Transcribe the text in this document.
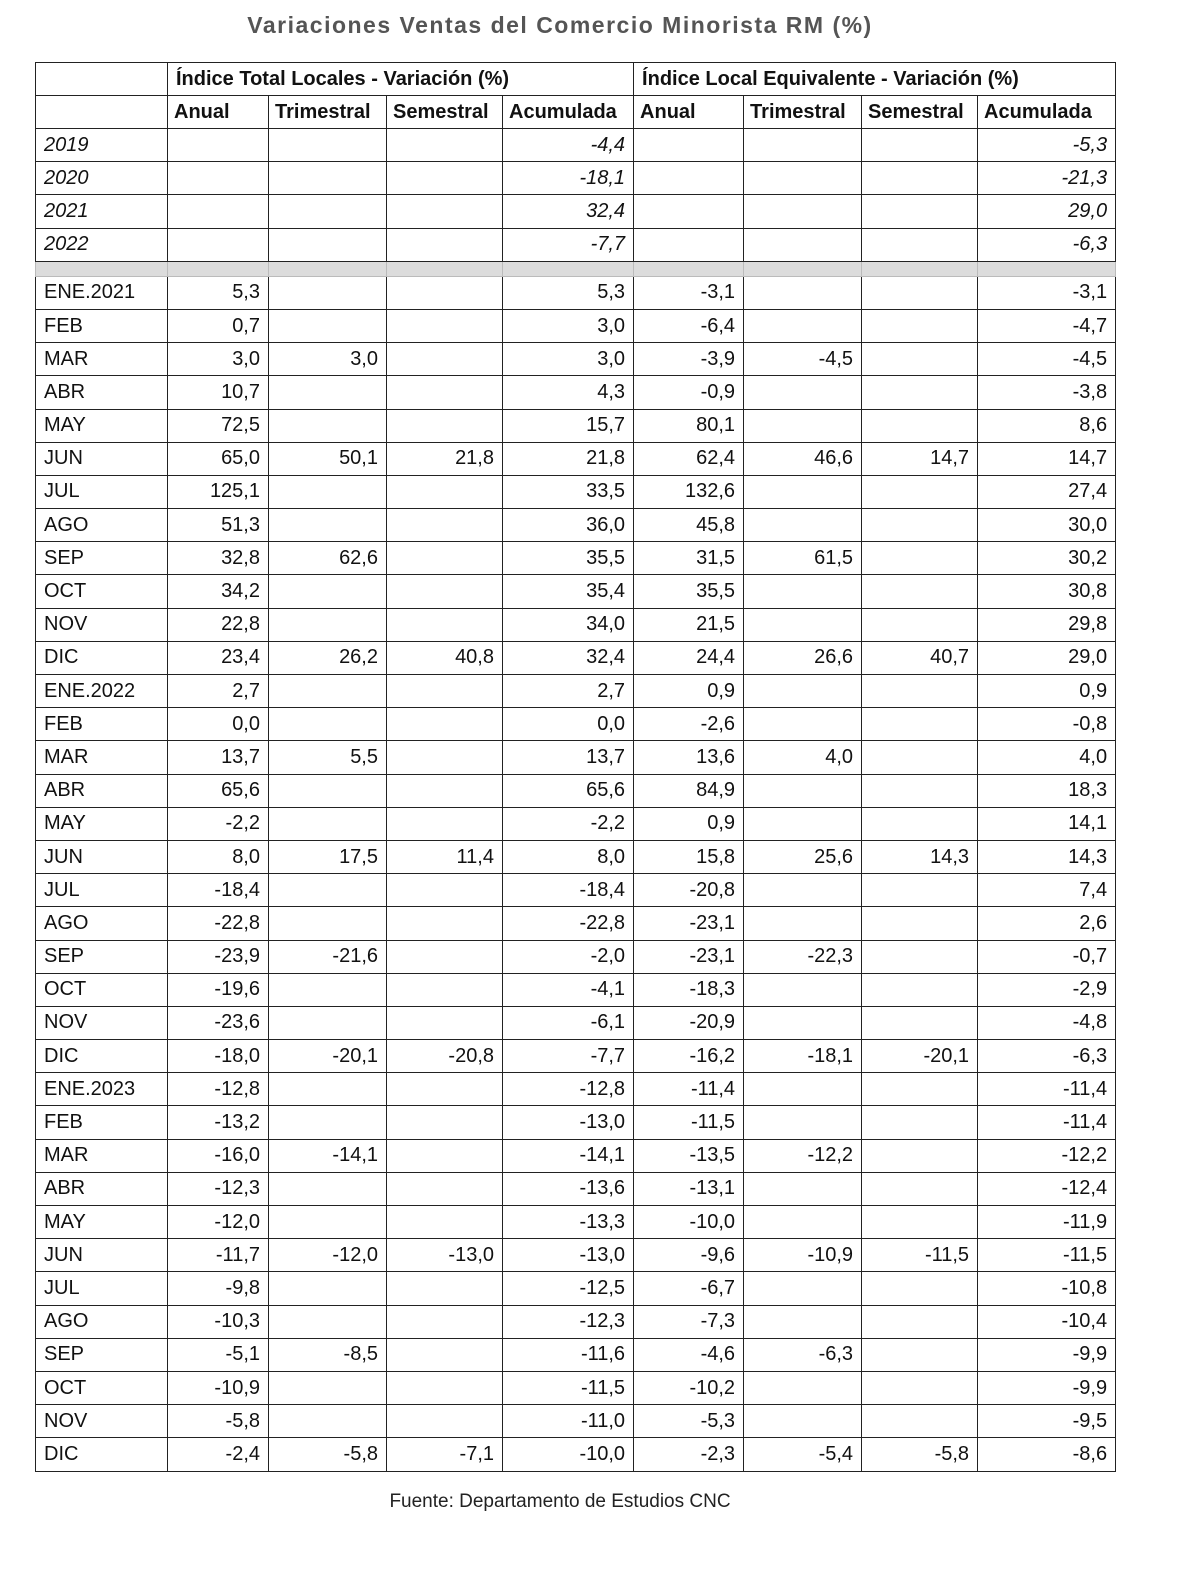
Variaciones Ventas del Comercio Minorista RM (%)
	Índice Total Locales - Variación (%)				Índice Local Equivalente - Variación (%)			
	Anual	Trimestral	Semestral	Acumulada	Anual	Trimestral	Semestral	Acumulada
2019				-4,4				-5,3
2020				-18,1				-21,3
2021				32,4				29,0
2022				-7,7				-6,3

ENE.2021	5,3			5,3	-3,1			-3,1
FEB	0,7			3,0	-6,4			-4,7
MAR	3,0	3,0		3,0	-3,9	-4,5		-4,5
ABR	10,7			4,3	-0,9			-3,8
MAY	72,5			15,7	80,1			8,6
JUN	65,0	50,1	21,8	21,8	62,4	46,6	14,7	14,7
JUL	125,1			33,5	132,6			27,4
AGO	51,3			36,0	45,8			30,0
SEP	32,8	62,6		35,5	31,5	61,5		30,2
OCT	34,2			35,4	35,5			30,8
NOV	22,8			34,0	21,5			29,8
DIC	23,4	26,2	40,8	32,4	24,4	26,6	40,7	29,0
ENE.2022	2,7			2,7	0,9			0,9
FEB	0,0			0,0	-2,6			-0,8
MAR	13,7	5,5		13,7	13,6	4,0		4,0
ABR	65,6			65,6	84,9			18,3
MAY	-2,2			-2,2	0,9			14,1
JUN	8,0	17,5	11,4	8,0	15,8	25,6	14,3	14,3
JUL	-18,4			-18,4	-20,8			7,4
AGO	-22,8			-22,8	-23,1			2,6
SEP	-23,9	-21,6		-2,0	-23,1	-22,3		-0,7
OCT	-19,6			-4,1	-18,3			-2,9
NOV	-23,6			-6,1	-20,9			-4,8
DIC	-18,0	-20,1	-20,8	-7,7	-16,2	-18,1	-20,1	-6,3
ENE.2023	-12,8			-12,8	-11,4			-11,4
FEB	-13,2			-13,0	-11,5			-11,4
MAR	-16,0	-14,1		-14,1	-13,5	-12,2		-12,2
ABR	-12,3			-13,6	-13,1			-12,4
MAY	-12,0			-13,3	-10,0			-11,9
JUN	-11,7	-12,0	-13,0	-13,0	-9,6	-10,9	-11,5	-11,5
JUL	-9,8			-12,5	-6,7			-10,8
AGO	-10,3			-12,3	-7,3			-10,4
SEP	-5,1	-8,5		-11,6	-4,6	-6,3		-9,9
OCT	-10,9			-11,5	-10,2			-9,9
NOV	-5,8			-11,0	-5,3			-9,5
DIC	-2,4	-5,8	-7,1	-10,0	-2,3	-5,4	-5,8	-8,6
Fuente: Departamento de Estudios CNC
